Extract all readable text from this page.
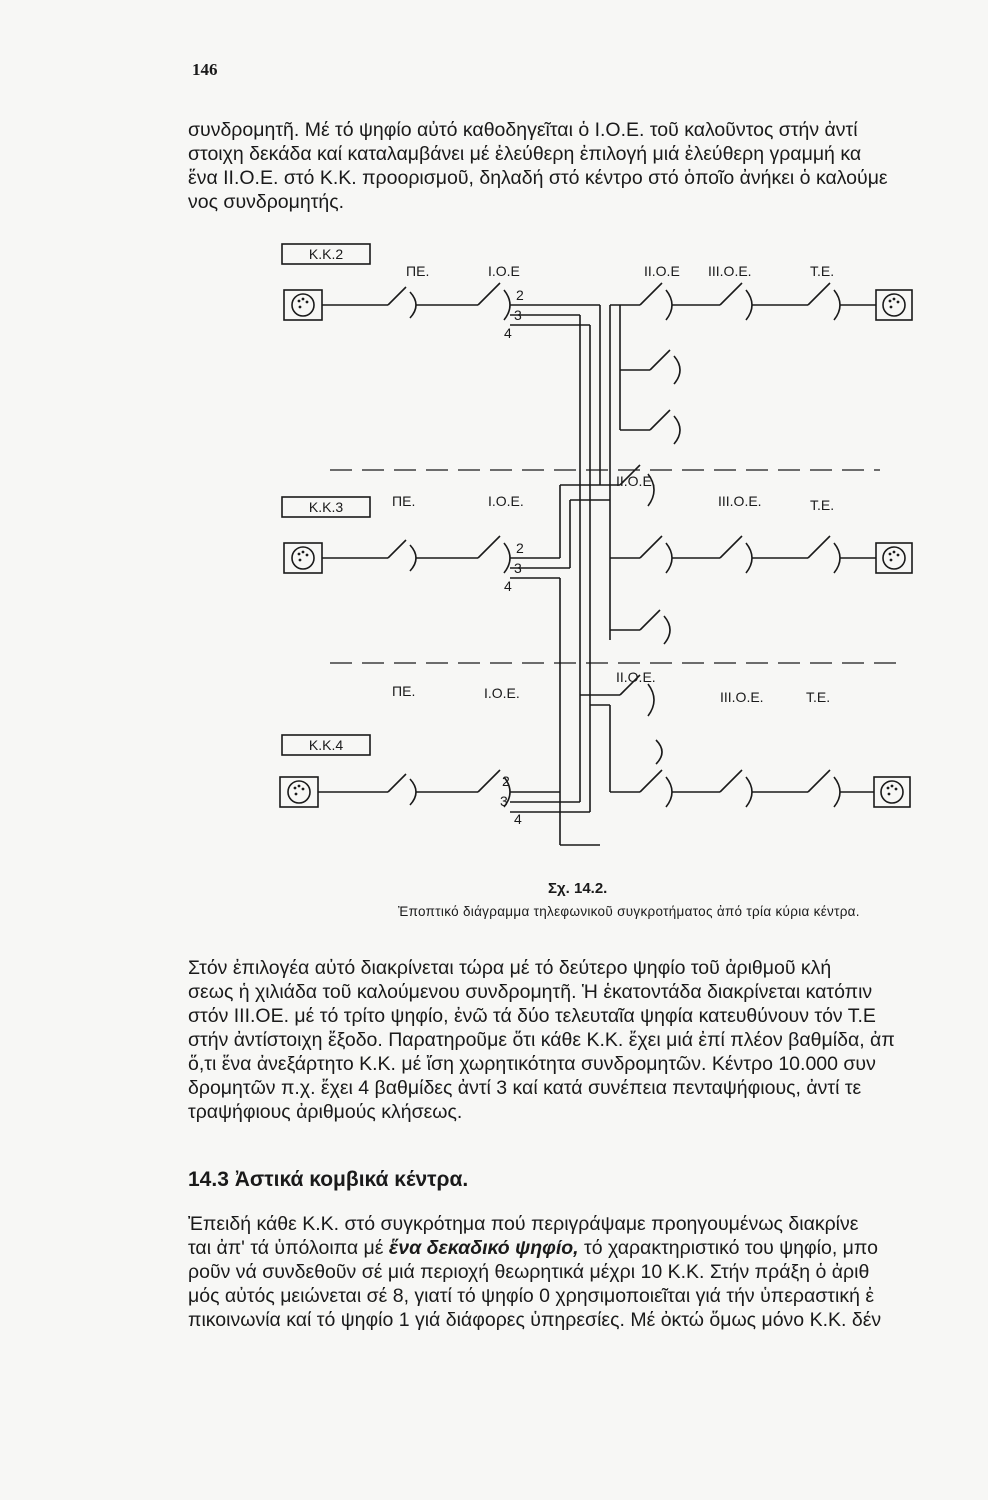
146
συνδρομητῆ. Μέ τό ψηφίο αὐτό καθοδηγεῖται ὁ Ι.Ο.Ε. τοῦ καλοῦντος στήν ἀντί
στοιχη δεκάδα καί καταλαμβάνει μέ ἐλεύθερη ἐπιλογή μιά ἐλεύθερη γραμμή κα
ἕνα ΙΙ.Ο.Ε. στό Κ.Κ. προορισμοῦ, δηλαδή στό κέντρο στό ὁποῖο ἀνήκει ὁ καλούμε
νος συνδρομητής.
Κ.Κ.2
Κ.Κ.3
Κ.Κ.4
ΠΕ.	Ι.Ο.Ε	ΙΙ.Ο.Ε ΙΙΙ.Ο.Ε.	Τ.Ε.
ΠΕ.	Ι.Ο.Ε.
ΙΙ.Ο.Ε.
ΙΙΙ.Ο.Ε.	Τ.Ε.
ΠΕ.	Ι.Ο.Ε.
ΙΙ.Ο.Ε.
ΙΙΙ.Ο.Ε.	Τ.Ε.
2
3
4
2
3
4
2
3
4
Σχ. 14.2.
Ἐποπτικό διάγραμμα τηλεφωνικοῦ συγκροτήματος ἀπό τρία κύρια κέντρα.
Στόν ἐπιλογέα αὐτό διακρίνεται τώρα μέ τό δεύτερο ψηφίο τοῦ ἀριθμοῦ κλή
σεως ἡ χιλιάδα τοῦ καλούμενου συνδρομητῆ. Ἡ ἑκατοντάδα διακρίνεται κατόπιν
στόν ΙΙΙ.ΟΕ. μέ τό τρίτο ψηφίο, ἐνῶ τά δύο τελευταῖα ψηφία κατευθύνουν τόν Τ.Ε
στήν ἀντίστοιχη ἔξοδο. Παρατηροῦμε ὅτι κάθε Κ.Κ. ἔχει μιά ἐπί πλέον βαθμίδα, ἀπ
ὅ,τι ἕνα ἀνεξάρτητο Κ.Κ. μέ ἴση χωρητικότητα συνδρομητῶν. Κέντρο 10.000 συν
δρομητῶν π.χ. ἔχει 4 βαθμίδες ἀντί 3 καί κατά συνέπεια πενταψήφιους, ἀντί τε
τραψήφιους ἀριθμούς κλήσεως.
14.3 Ἀστικά κομβικά κέντρα.
Ἐπειδή κάθε Κ.Κ. στό συγκρότημα πού περιγράψαμε προηγουμένως διακρίνε
ται ἀπ' τά ὑπόλοιπα μέ ἕνα δεκαδικό ψηφίο, τό χαρακτηριστικό του ψηφίο, μπο
ροῦν νά συνδεθοῦν σέ μιά περιοχή θεωρητικά μέχρι 10 Κ.Κ. Στήν πράξη ὁ ἀριθ
μός αὐτός μειώνεται σέ 8, γιατί τό ψηφίο 0 χρησιμοποιεῖται γιά τήν ὑπεραστική ἐ
πικοινωνία καί τό ψηφίο 1 γιά διάφορες ὑπηρεσίες. Μέ ὀκτώ ὅμως μόνο Κ.Κ. δέν
